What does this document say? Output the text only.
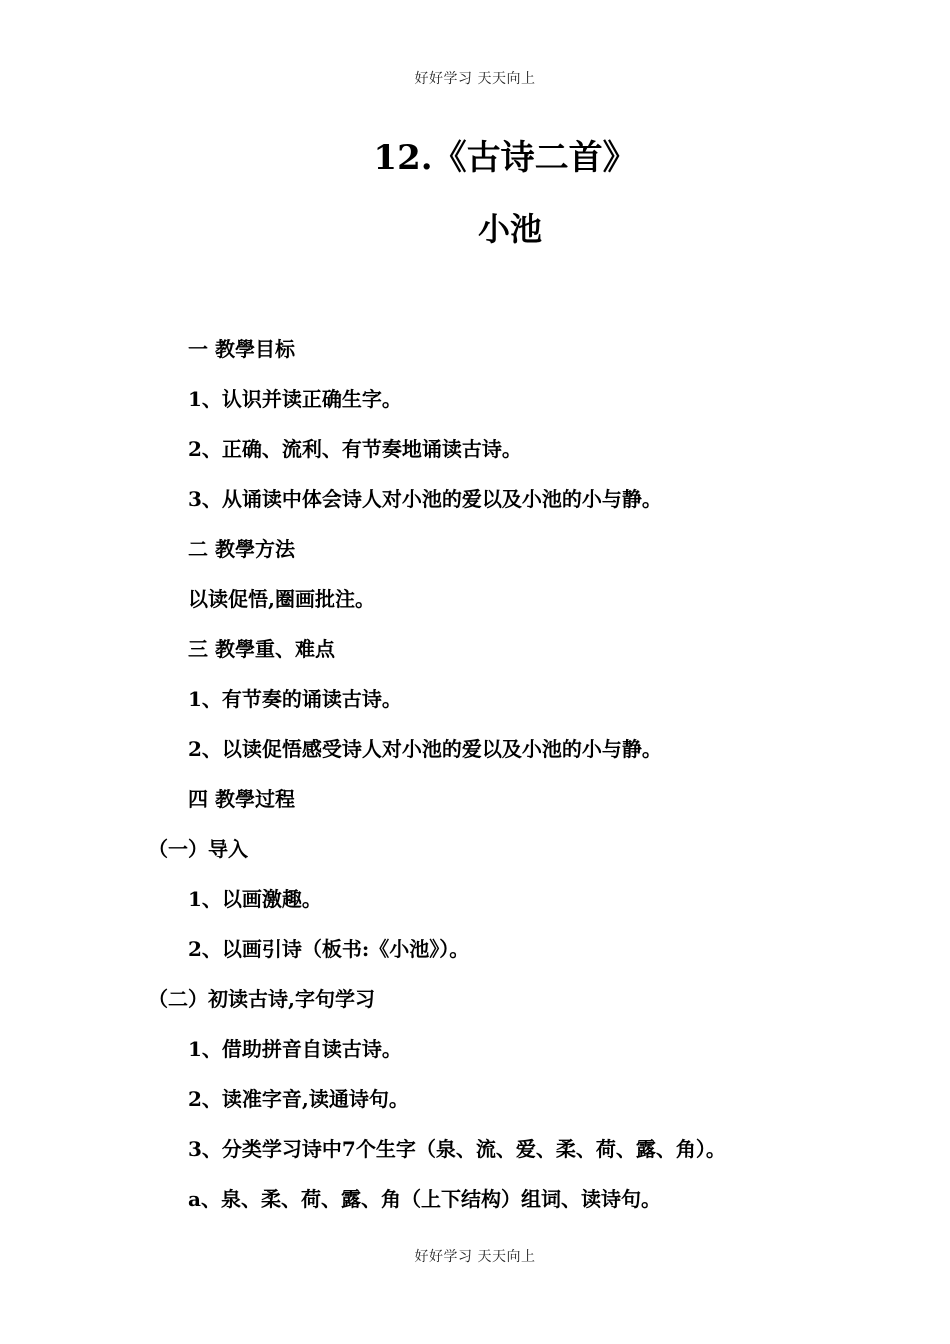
好好学习 天天向上
12.《古诗二首》
小池
一 教學目标
1、认识并读正确生字。
2、正确、流利、有节奏地诵读古诗。
3、从诵读中体会诗人对小池的爱以及小池的小与静。
二 教學方法
以读促悟,圈画批注。
三 教學重、难点
1、有节奏的诵读古诗。
2、以读促悟感受诗人对小池的爱以及小池的小与静。
四 教學过程
（一）导入
1、以画激趣。
2、以画引诗（板书:《小池》）。
（二）初读古诗,字句学习
1、借助拼音自读古诗。
2、读准字音,读通诗句。
3、分类学习诗中7个生字（泉、流、爱、柔、荷、露、角）。
a、泉、柔、荷、露、角（上下结构）组词、读诗句。
好好学习 天天向上
